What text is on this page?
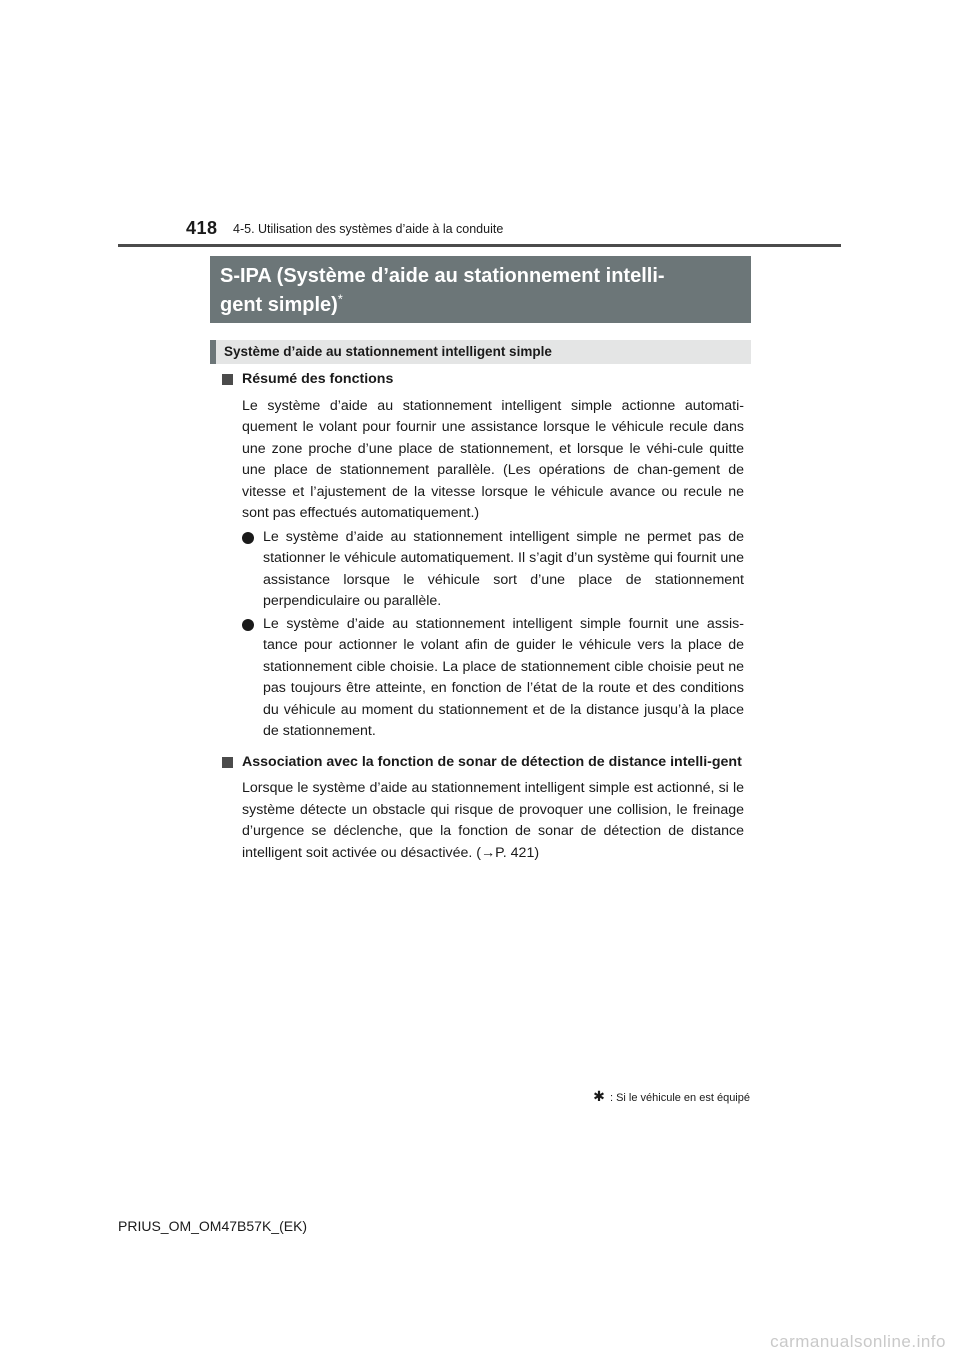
418 4-5. Utilisation des systèmes d’aide à la conduite
S-IPA (Système d’aide au stationnement intelli-
gent simple)*
Système d’aide au stationnement intelligent simple
Résumé des fonctions

Le système d’aide au stationnement intelligent simple actionne automati-quement le volant pour fournir une assistance lorsque le véhicule recule dans une zone proche d’une place de stationnement, et lorsque le véhi-cule quitte une place de stationnement parallèle. (Les opérations de chan-gement de vitesse et l’ajustement de la vitesse lorsque le véhicule avance ou recule ne sont pas effectués automatiquement.)

Le système d’aide au stationnement intelligent simple ne permet pas de stationner le véhicule automatiquement. Il s’agit d’un système qui fournit une assistance lorsque le véhicule sort d’une place de stationnement perpendiculaire ou parallèle.
Le système d’aide au stationnement intelligent simple fournit une assis-tance pour actionner le volant afin de guider le véhicule vers la place de stationnement cible choisie. La place de stationnement cible choisie peut ne pas toujours être atteinte, en fonction de l’état de la route et des conditions du véhicule au moment du stationnement et de la distance jusqu’à la place de stationnement.
Association avec la fonction de sonar de détection de distance intelli-gent

Lorsque le système d’aide au stationnement intelligent simple est actionné, si le système détecte un obstacle qui risque de provoquer une collision, le freinage d’urgence se déclenche, que la fonction de sonar de détection de distance intelligent soit activée ou désactivée. (→P. 421)

✱ : Si le véhicule en est équipé
PRIUS_OM_OM47B57K_(EK)
carmanualsonline.info
